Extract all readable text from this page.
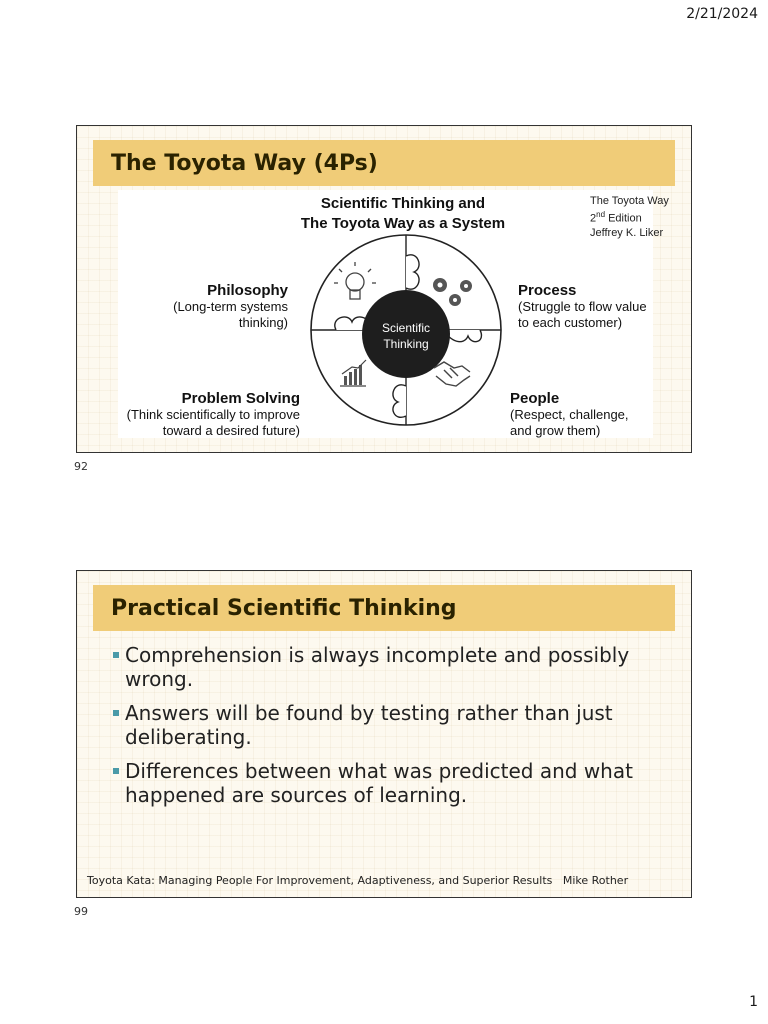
2/21/2024
The Toyota Way (4Ps)
Scientific Thinking and
The Toyota Way as a System
Scientific
Thinking
Philosophy
(Long-term systems
thinking)
Process
(Struggle to flow value
to each customer)
Problem Solving
(Think scientifically to improve
toward a desired future)
People
(Respect, challenge,
and grow them)
The Toyota Way
2nd Edition
Jeffrey K. Liker
92
Practical Scientific Thinking
Comprehension is always incomplete and possibly wrong.
Answers will be found by testing rather than just deliberating.
Differences between what was predicted and what happened are sources of learning.
Toyota Kata: Managing People For Improvement, Adaptiveness, and Superior Results   Mike Rother
99
1
